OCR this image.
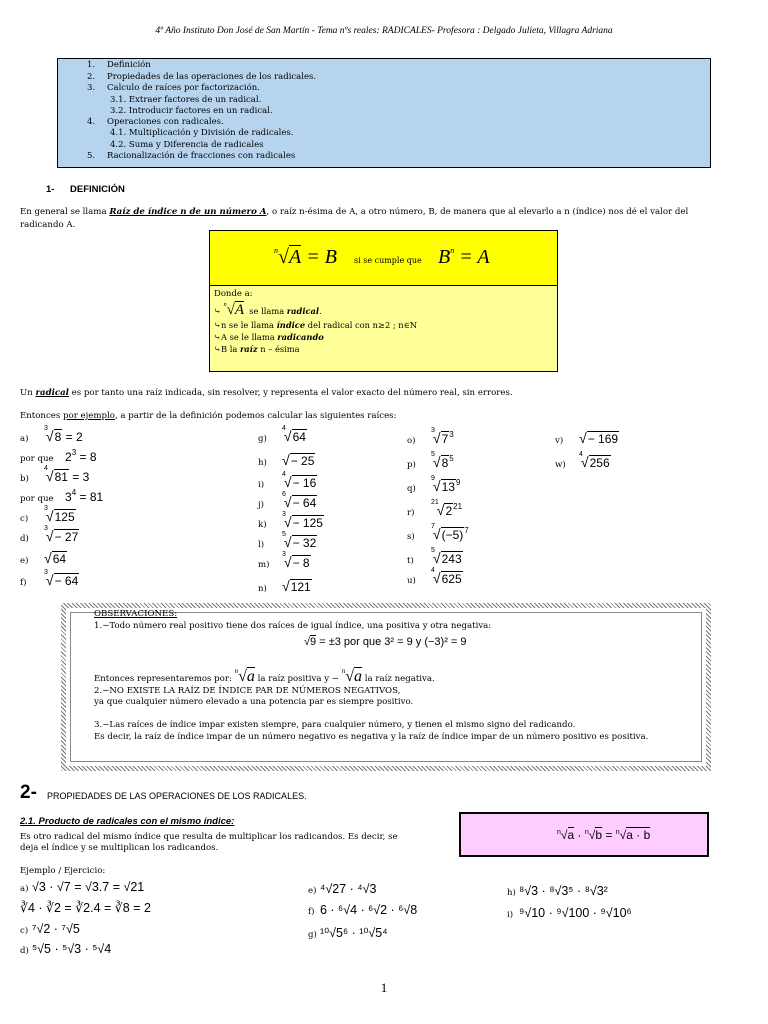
4º Año Instituto Don José de San Martín - Tema nºs reales: RADICALES- Profesora : Delgado Julieta, Villagra Adriana
1. Definición
2. Propiedades de las operaciones de los radicales.
3. Calculo de raíces por factorización.
3.1. Extraer factores de un radical.
3.2. Introducir factores en un radical.
4. Operaciones con radicales.
4.1. Multiplicación y División de radicales.
4.2. Suma y Diferencia de radicales
5. Racionalización de fracciones con radicales
1- DEFINICIÓN
En general se llama Raíz de índice n de un número A, o raíz n-ésima de A, a otro número, B, de manera que al elevarlo a n (índice) nos dé el valor del
radicando A.
$^n$√A = B si se cumple que $B^n = A$
Donde a:
⤷ $^n$√A se llama radical.
⤷n se le llama índice del radical con n≥2 ; n∈N
⤷A se le llama radicando
⤷B la raíz n – ésima
Un radical es por tanto una raíz indicada, sin resolver, y representa el valor exacto del número real, sin errores.
Entonces por ejemplo, a partir de la definición podemos calcular las siguientes raíces:
a)$^3$√8 = 2
por que $2^3 = 8$
b)$^4$√81 = 3
por que $3^4 = 81$
c)$^3$√125
d)$^3$√− 27
e) √64
f)$^3$√− 64
g)$^4$√64
h) √− 25
i)$^4$√− 16
j)$^6$√− 64
k)$^3$√− 125
l)$^5$√− 32
m)$^3$√− 8
n) √121
$o)^3√7^3$
$p)^5√8^5$
$q)^9√13^9$
$r)^{21}√2^{21}$
$s)^7√(-5)^7$
t)$^5$√243
u)$^4$√625
v) √− 169
w)$^4$√256
OBSERVACIONES:
1.−Todo número real positivo tiene dos raíces de igual índice, una positiva y otra negativa:
√9 = ±3 por que 3² = 9 y (−3)² = 9
Entonces representaremos por: $^n$√a la raíz positiva y − $^n$√a la raíz negativa.
2.−NO EXISTE LA RAÍZ DE ÍNDICE PAR DE NÚMEROS NEGATIVOS,
ya que cualquier número elevado a una potencia par es siempre positivo.
3.−Las raíces de índice impar existen siempre, para cualquier número, y tienen el mismo signo del radicando.
Es decir, la raíz de índice impar de un número negativo es negativa y la raíz de índice impar de un número positivo es positiva.
2- PROPIEDADES DE LAS OPERACIONES DE LOS RADICALES.
2.1. Producto de radicales con el mismo índice:
Es otro radical del mismo índice que resulta de multiplicar los radicandos. Es decir, se
deja el índice y se multiplican los radicandos.
$^n$√a · $^n$√b = $^n$√a · b
Ejemplo / Ejercicio:
a) √3 · √7 = √3.7 = √21
∛4 · ∛2 = ∛2.4 = ∛8 = 2
c) ⁷√2 · ⁷√5
d) ⁵√5 · ⁵√3 · ⁵√4
e) ⁴√27 · ⁴√3
f) 6 · ⁶√4 · ⁶√2 · ⁶√8
g) ¹⁰√5⁶ · ¹⁰√5⁴
h) ⁸√3 · ⁸√3⁵ · ⁸√3²
i) ⁹√10 · ⁹√100 · ⁹√10⁶
1
